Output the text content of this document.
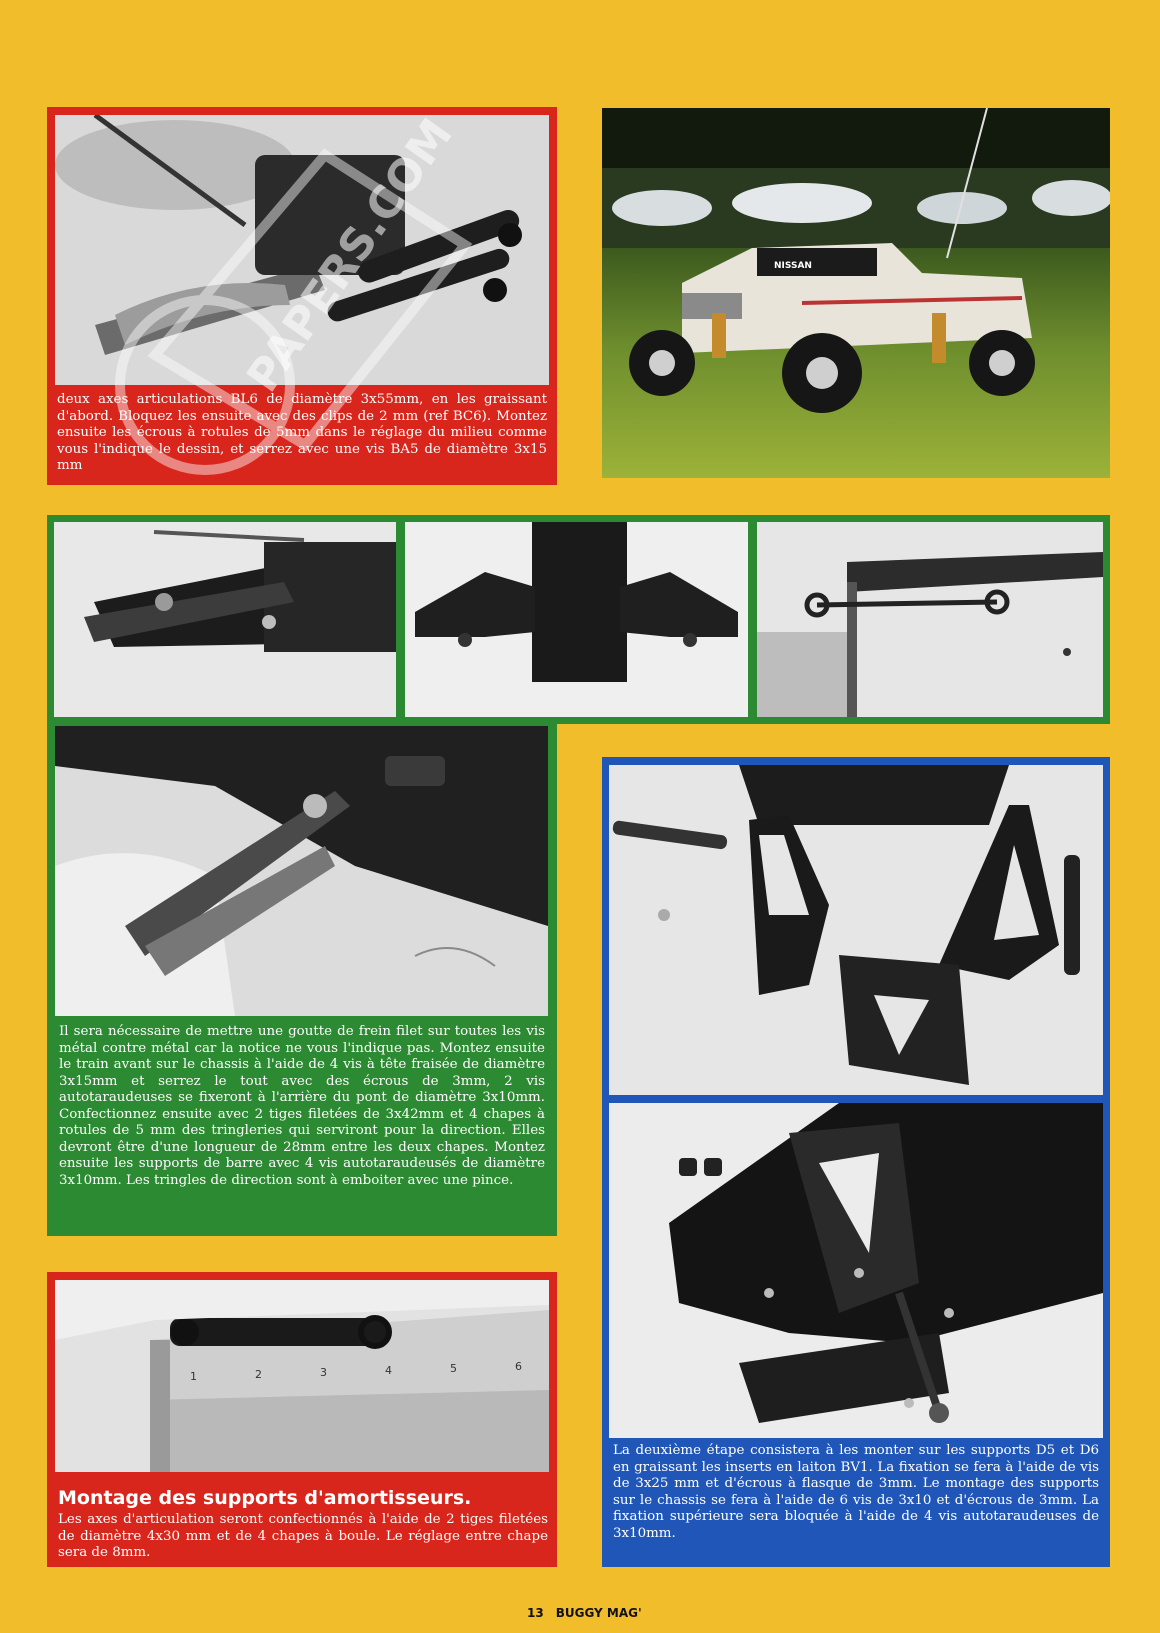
deux axes articulations BL6 de diamètre 3x55mm, en les graissant d'abord. Bloquez les ensuite avec des clips de 2 mm (ref BC6). Montez ensuite les écrous à rotules de 5mm dans le réglage du milieu comme vous l'indique le dessin, et serrez avec une vis BA5 de diamètre 3x15 mm

PAPERS.COM	NISSAN

Il sera nécessaire de mettre une goutte de frein filet sur toutes les vis métal contre métal car la notice ne vous l'indique pas. Montez ensuite le train avant sur le chassis à l'aide de 4 vis à tête fraisée de diamètre 3x15mm et serrez le tout avec des écrous de 3mm, 2 vis autotaraudeuses se fixeront à l'arrière du pont de diamètre 3x10mm. Confectionnez ensuite avec 2 tiges filetées de 3x42mm et 4 chapes à rotules de 5 mm des tringleries qui serviront pour la direction. Elles devront être d'une longueur de 28mm entre les deux chapes. Montez ensuite les supports de barre avec 4 vis autotaraudeusés de diamètre 3x10mm. Les tringles de direction sont à emboiter avec une pince.

La deuxième étape consistera à les monter sur les supports D5 et D6 en graissant les inserts en laiton BV1. La fixation se fera à l'aide de vis de 3x25 mm et d'écrous à flasque de 3mm. Le montage des supports sur le chassis se fera à l'aide de 6 vis de 3x10 et d'écrous de 3mm. La fixation supérieure sera bloquée à l'aide de 4 vis autotaraudeuses de 3x10mm.

1	2	3	4	5	6
Montage des supports d'amortisseurs.

Les axes d'articulation seront confectionnés à l'aide de 2 tiges filetées de diamètre 4x30 mm et de 4 chapes à boule. Le réglage entre chape sera de 8mm.

13 BUGGY MAG'
